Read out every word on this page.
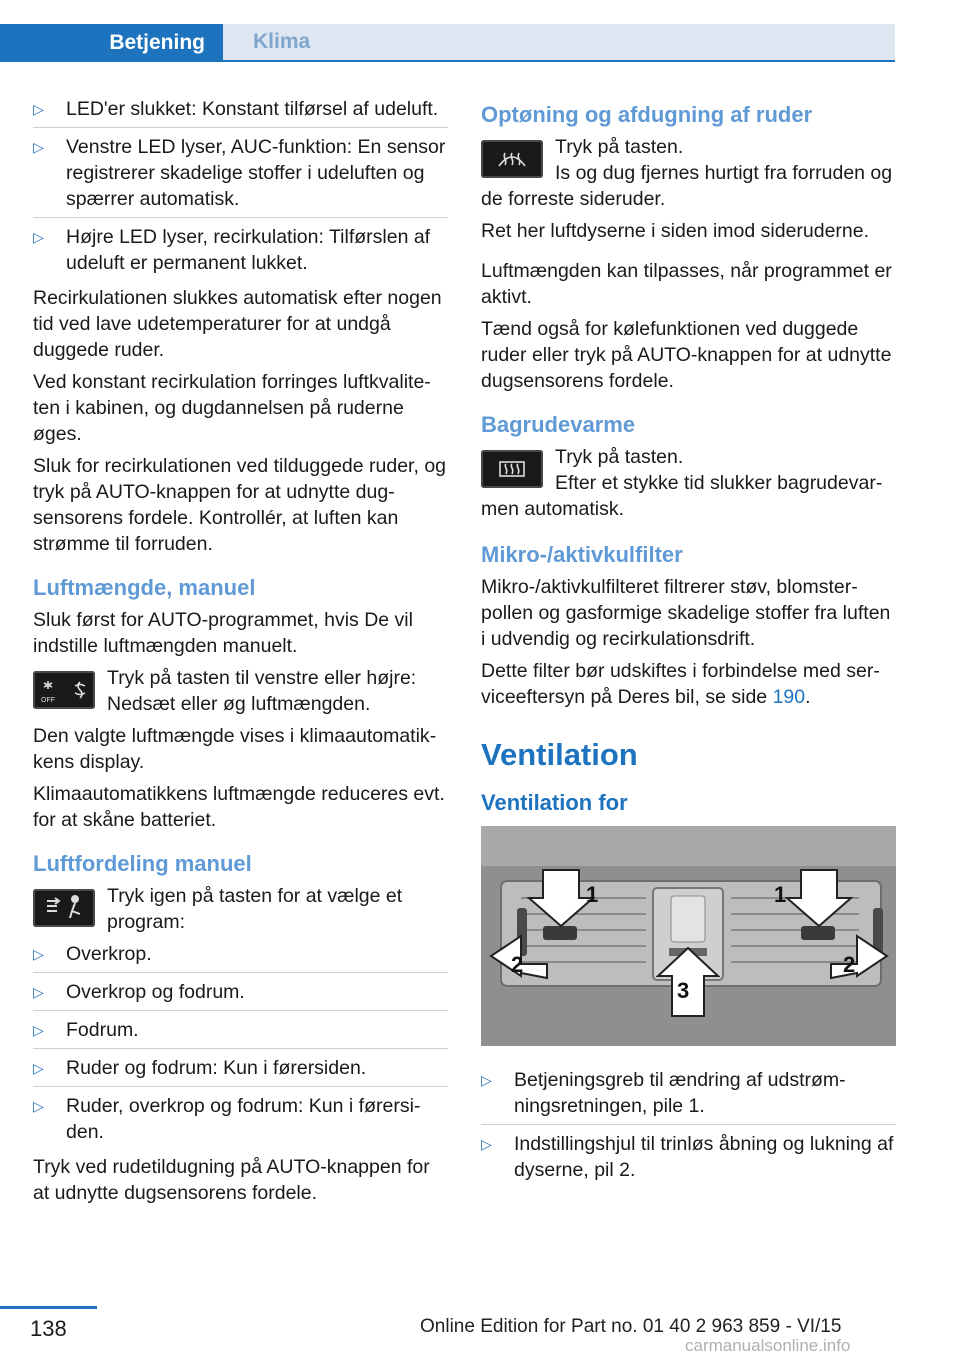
Betjening	Klima
▷ LED'er slukket: Konstant tilførsel af udeluft.
▷ Venstre LED lyser, AUC-funktion: En sensor registrerer skadelige stoffer i udeluften og spærrer automatisk.
▷ Højre LED lyser, recirkulation: Tilførslen af udeluft er permanent lukket.

Recirkulationen slukkes automatisk efter nogen tid ved lave udetemperaturer for at undgå duggede ruder.

Ved konstant recirkulation forringes luftkvaliteten i kabinen, og dugdannelsen på ruderne øges.

Sluk for recirkulationen ved tilduggede ruder, og tryk på AUTO-knappen for at udnytte dugsensorens fordele. Kontrollér, at luften kan strømme til forruden.

Luftmængde, manuel

Sluk først for AUTO-programmet, hvis De vil indstille luftmængden manuelt.

OFF
Tryk på tasten til venstre eller højre: Nedsæt eller øg luftmængden.

Den valgte luftmængde vises i klimaautomatikkens display.

Klimaautomatikkens luftmængde reduceres evt. for at skåne batteriet.

Luftfordeling manuel
Tryk igen på tasten for at vælge et program:
▷ Overkrop.
▷ Overkrop og fodrum.
▷ Fodrum.
▷ Ruder og fodrum: Kun i førersiden.
▷ Ruder, overkrop og fodrum: Kun i førersiden.

Tryk ved rudetildugning på AUTO-knappen for at udnytte dugsensorens fordele.

Optøning og afdugning af ruder
Tryk på tasten.
Is og dug fjernes hurtigt fra forruden og de forreste sideruder.

Ret her luftdyserne i siden imod sideruderne.

Luftmængden kan tilpasses, når programmet er aktivt.

Tænd også for kølefunktionen ved duggede ruder eller tryk på AUTO-knappen for at udnytte dugsensorens fordele.

Bagrudevarme
Tryk på tasten.
Efter et stykke tid slukker bagrudevarmen automatisk.
Mikro-/aktivkulfilter

Mikro-/aktivkulfilteret filtrerer støv, blomsterpollen og gasformige skadelige stoffer fra luften i udvendig og recirkulationsdrift.

Dette filter bør udskiftes i forbindelse med serviceeftersyn på Deres bil, se side 190.

Ventilation
Ventilation for
1	1
2	2
3
▷ Betjeningsgreb til ændring af udstrømningsretningen, pile 1.
▷ Indstillingshjul til trinløs åbning og lukning af dyserne, pil 2.
138	Online Edition for Part no. 01 40 2 963 859 - VI/15
carmanualsonline.info
